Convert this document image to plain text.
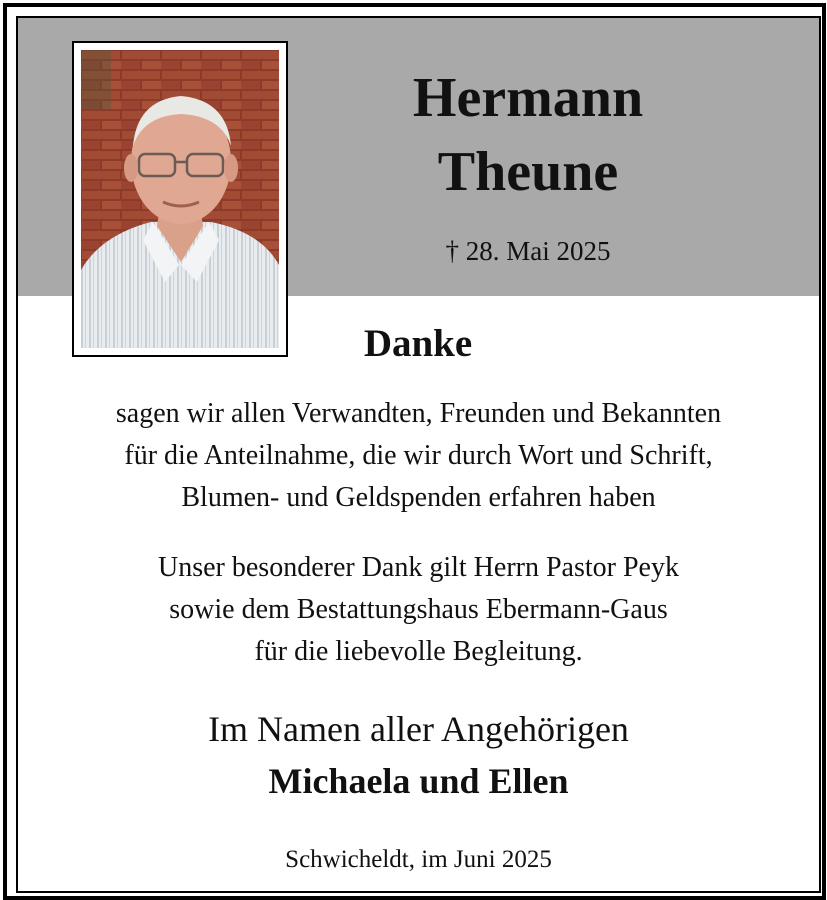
Hermann
Theune
† 28. Mai 2025
Danke
sagen wir allen Verwandten, Freunden und Bekannten
für die Anteilnahme, die wir durch Wort und Schrift,
Blumen- und Geldspenden erfahren haben
Unser besonderer Dank gilt Herrn Pastor Peyk
sowie dem Bestattungshaus Ebermann-Gaus
für die liebevolle Begleitung.
Im Namen aller Angehörigen
Michaela und Ellen
Schwicheldt, im Juni 2025
